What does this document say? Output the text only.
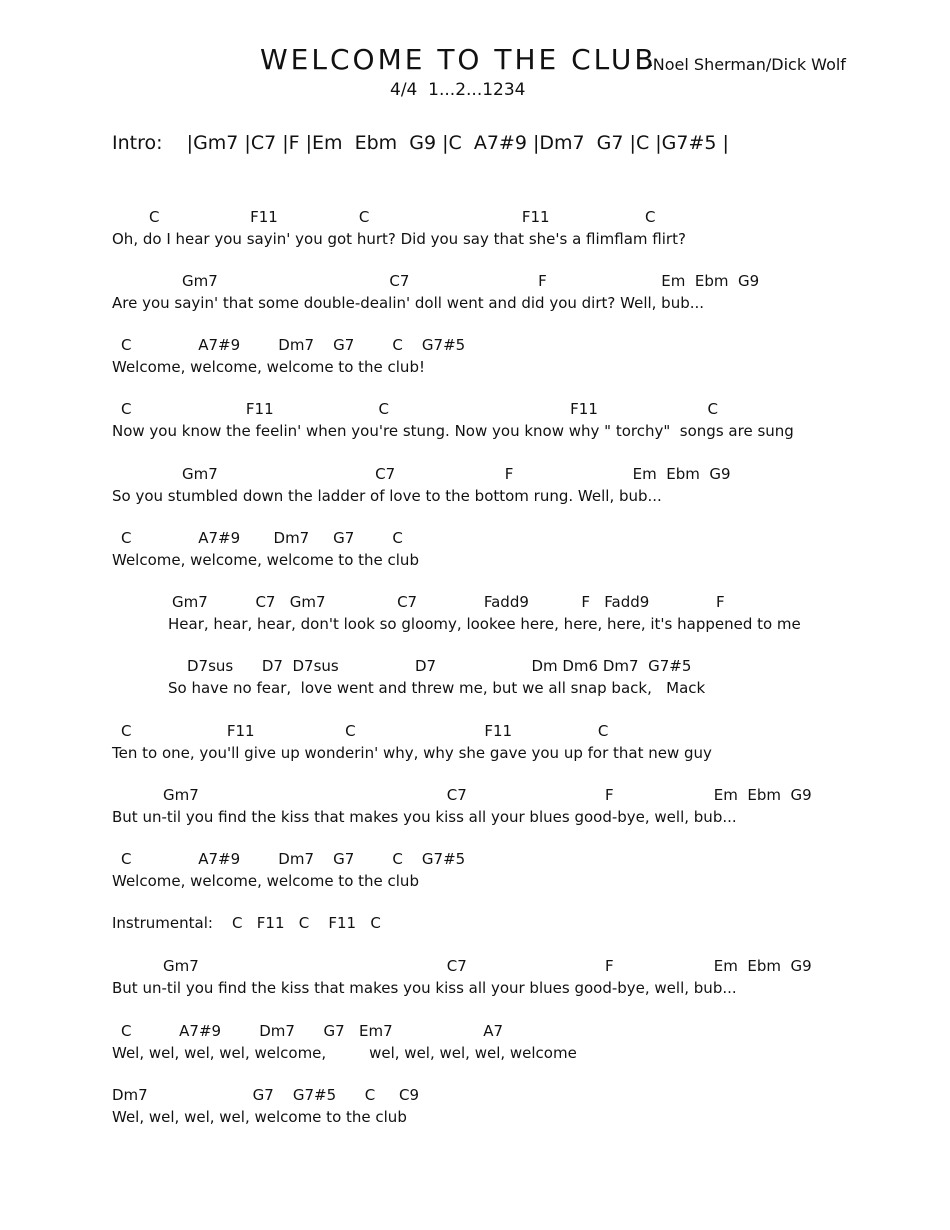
WELCOME TO THE CLUB
-Noel Sherman/Dick Wolf
4/4  1...2...1234
Intro:    |Gm7 |C7 |F |Em  Ebm  G9 |C  A7#9 |Dm7  G7 |C |G7#5 |
C                   F11                 C                                F11                    C
Oh, do I hear you sayin' you got hurt? Did you say that she's a flimflam flirt?
Gm7                                    C7                           F                        Em  Ebm  G9
Are you sayin' that some double-dealin' doll went and did you dirt? Well, bub...
C              A7#9        Dm7    G7        C    G7#5
Welcome, welcome, welcome to the club!
C                        F11                      C                                      F11                       C
Now you know the feelin' when you're stung. Now you know why " torchy"  songs are sung
Gm7                                 C7                       F                         Em  Ebm  G9
So you stumbled down the ladder of love to the bottom rung. Well, bub...
C              A7#9       Dm7     G7        C
Welcome, welcome, welcome to the club
Gm7          C7   Gm7               C7              Fadd9           F   Fadd9              F
Hear, hear, hear, don't look so gloomy, lookee here, here, here, it's happened to me
D7sus      D7  D7sus                D7                    Dm Dm6 Dm7  G7#5
So have no fear,  love went and threw me, but we all snap back,   Mack
C                    F11                   C                           F11                  C
Ten to one, you'll give up wonderin' why, why she gave you up for that new guy
Gm7                                                    C7                             F                     Em  Ebm  G9
But un-til you find the kiss that makes you kiss all your blues good-bye, well, bub...
C              A7#9        Dm7    G7        C    G7#5
Welcome, welcome, welcome to the club
Instrumental:    C   F11   C    F11   C
Gm7                                                    C7                             F                     Em  Ebm  G9
But un-til you find the kiss that makes you kiss all your blues good-bye, well, bub...
C          A7#9        Dm7      G7   Em7                   A7
Wel, wel, wel, wel, welcome,         wel, wel, wel, wel, welcome
Dm7                      G7    G7#5      C     C9
Wel, wel, wel, wel, welcome to the club
